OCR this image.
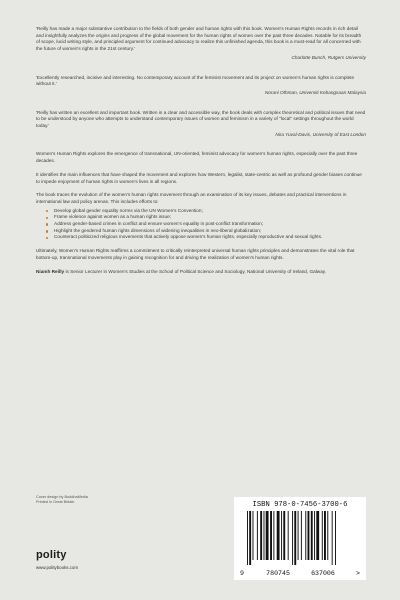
'Reilly has made a major substantive contribution to the fields of both gender and human rights with this book. Women's Human Rights records in rich detail and insightfully analyzes the origins and progress of the global movement for the human rights of women over the past three decades. Notable for its breadth of scope, lucid writing style, and principled argument for continued advocacy to realize this unfinished agenda, this book is a must-read for all concerned with the future of women's rights in the 21st century.'

Charlotte Bunch, Rutgers University

'Excellently researched, incisive and interesting. No contemporary account of the feminist movement and its project on women's human rights is complete without it.'

Norani Othman, Universiti Kebangsaan Malaysia

'Reilly has written an excellent and important book. Written in a clear and accessible way, the book deals with complex theoretical and political issues that need to be understood by anyone who attempts to understand contemporary issues of women and feminism in a variety of "local" settings throughout the world today.'

Nira Yuval-Davis, University of East London

Women's Human Rights explores the emergence of transnational, UN-oriented, feminist advocacy for women's human rights, especially over the past three decades.

It identifies the main influences that have shaped the movement and explores how Western, legalist, state-centric as well as profound gender biases continue to impede enjoyment of human rights in women's lives in all regions.

The book traces the evolution of the women's human rights movement through an examination of its key issues, debates and practical interventions in international law and policy arenas. This includes efforts to:

Develop global gender equality norms via the UN Women's Convention;
Frame violence against women as a human rights issue;
Address gender-based crimes in conflict and ensure women's equality in post-conflict transformation;
Highlight the gendered human rights dimensions of widening inequalities in neo-liberal globalization;
Counteract politicized religious movements that actively oppose women's human rights, especially reproductive and sexual rights.

Ultimately, Women's Human Rights reaffirms a commitment to critically reinterpreted universal human rights principles and demonstrates the vital role that bottom-up, transnational movements play in gaining recognition for and driving the realization of women's human rights.

Niamh Reilly is Senior Lecturer in Women's Studies at the School of Political Science and Sociology, National University of Ireland, Galway.

Cover design by BuddhaMedia
Printed in Great Britain
polity
www.politybooks.com

ISBN 978-0-7456-3700-6

9	780745	637006	>
